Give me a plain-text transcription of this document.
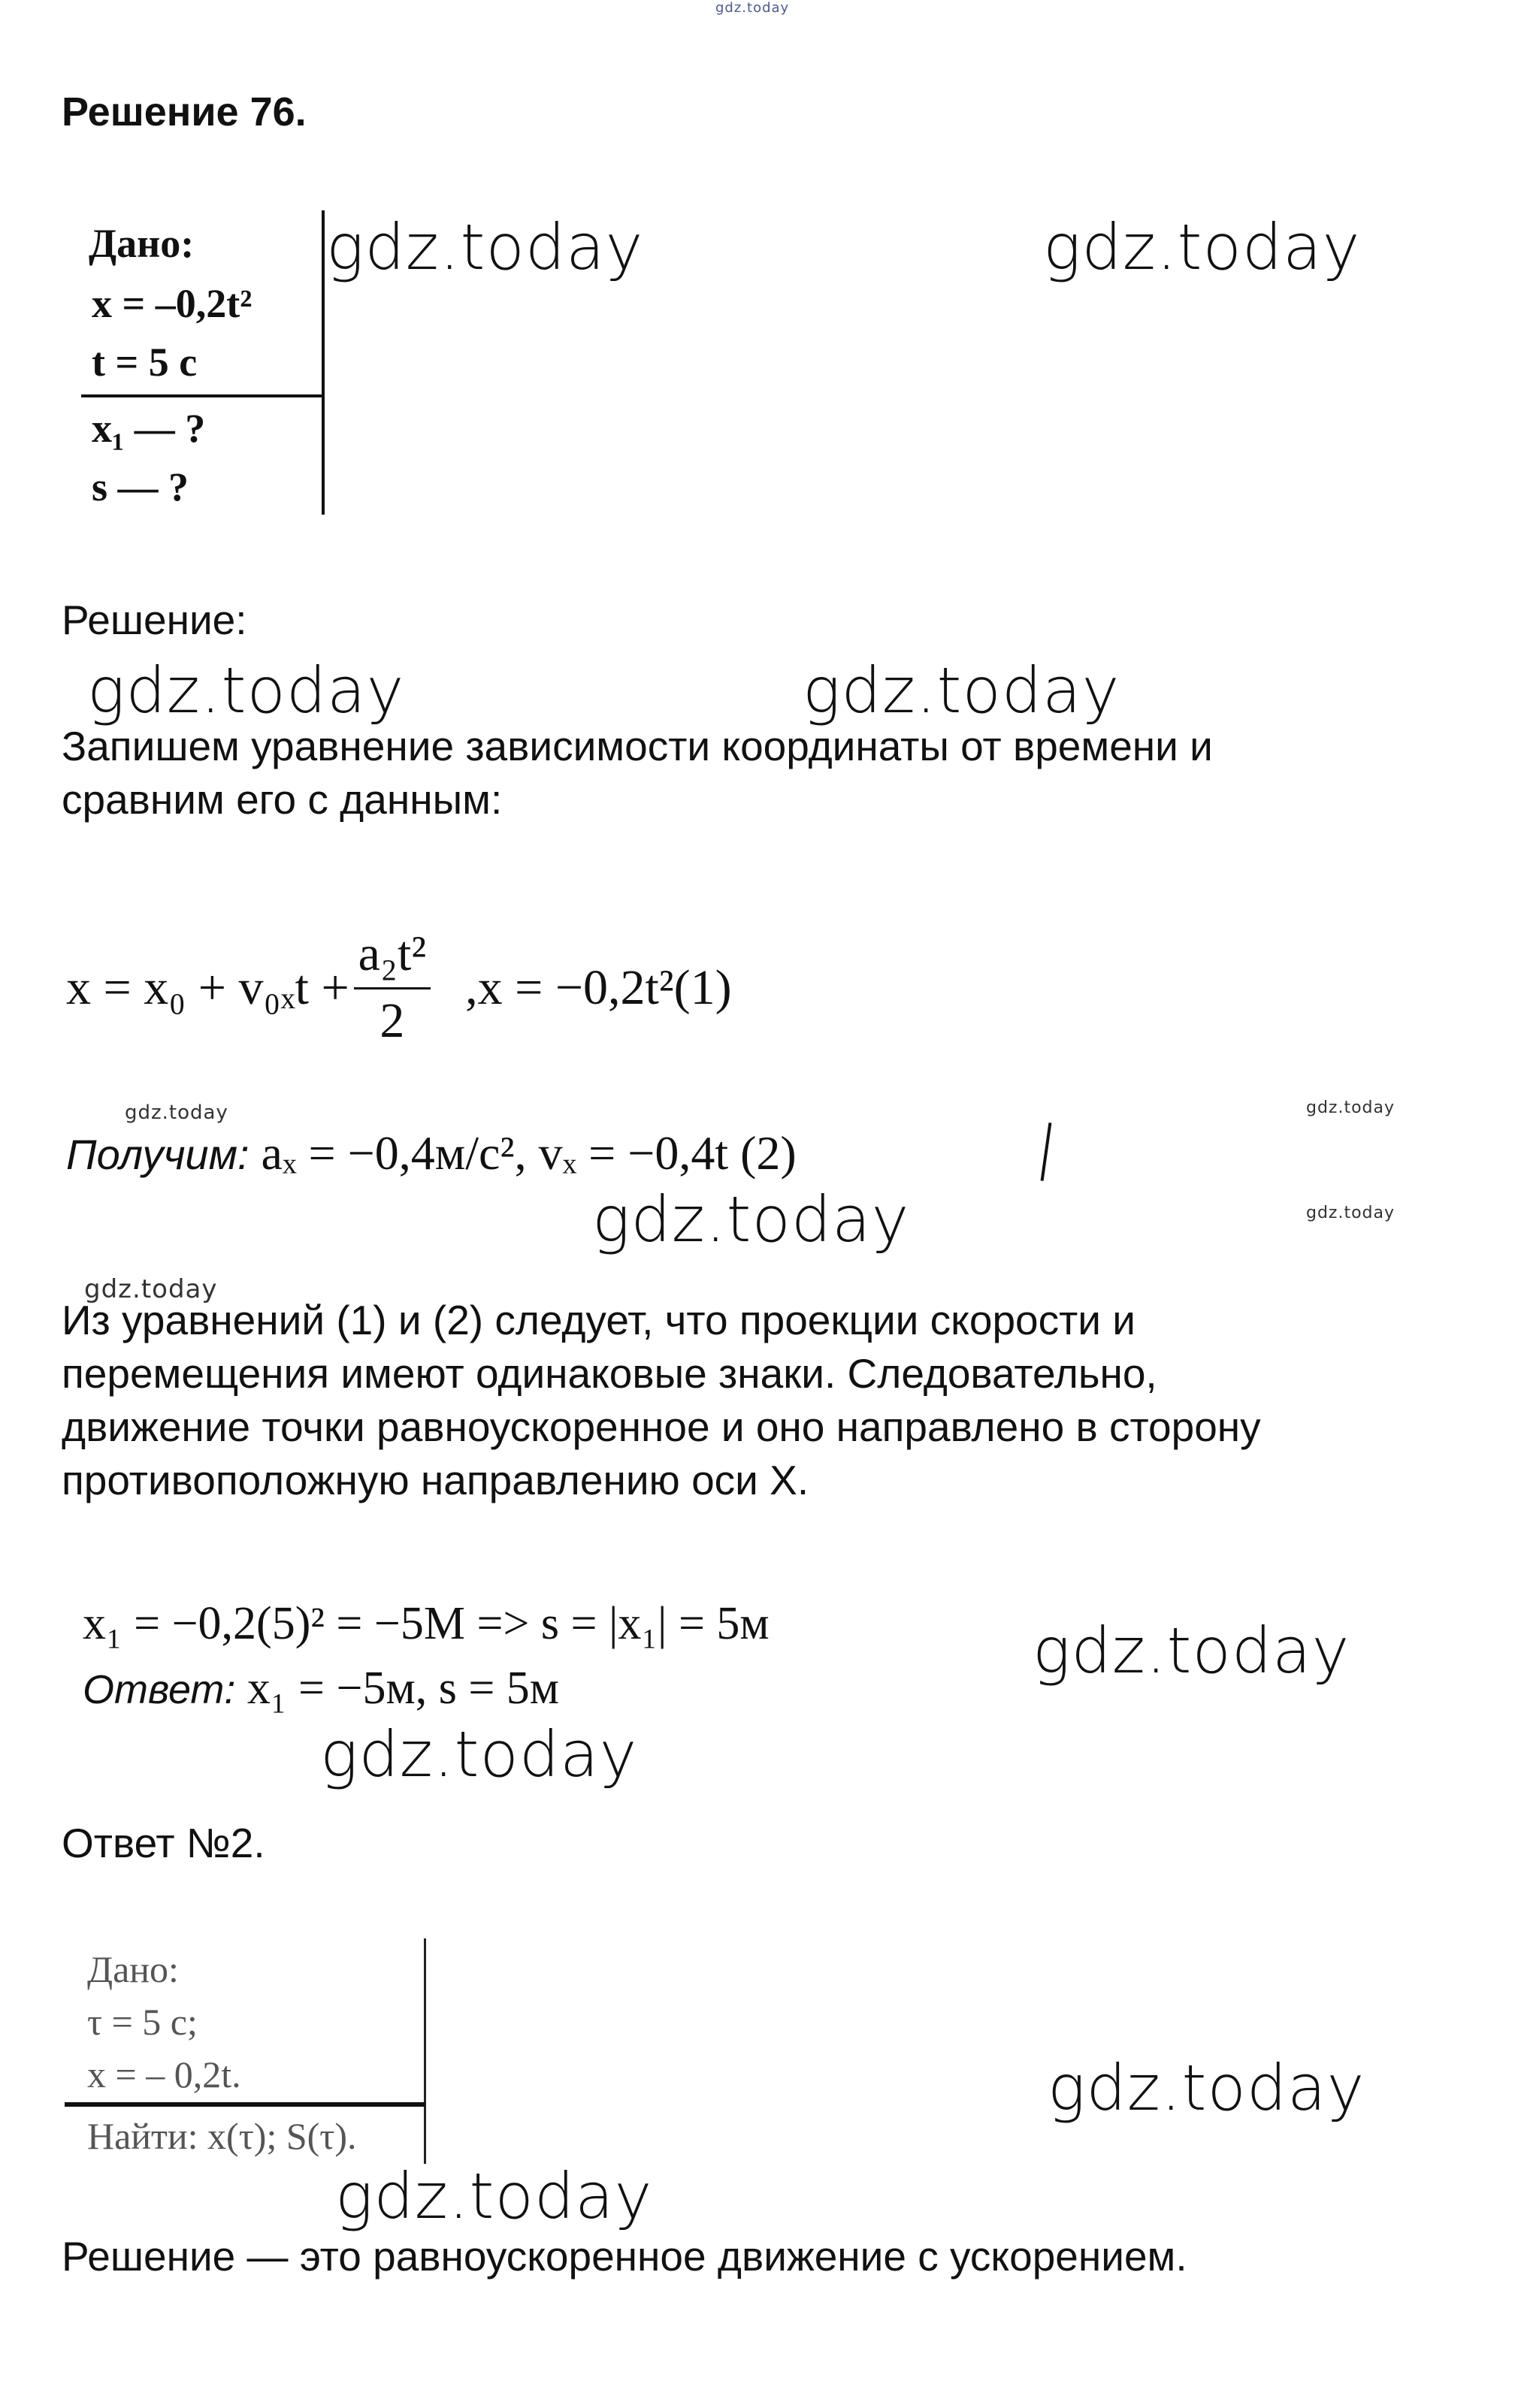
gdz.today
Решение 76.
Дано:
x = –0,2t²
t = 5 с
x₁ — ?
s — ?
gdz.today	gdz.today
Решение:
gdz.today	gdz.today
Запишем уравнение зависимости координаты от времени и
сравним его с данным:
$x = x_0 + v_{0x}t + \frac{\text{a₂t²}}{2} ,x = -0,2t^2(1)$
gdz.today	gdz.today
Получим: aₓ = −0,4м/с², vₓ = −0,4t (2)
gdz.today	gdz.today
gdz.today
Из уравнений (1) и (2) следует, что проекции скорости и
перемещения имеют одинаковые знаки. Следовательно,
движение точки равноускоренное и оно направлено в сторону
противоположную направлению оси X.
x₁ = −0,2(5)² = −5М => s = |x₁| = 5м
Ответ: x₁ = −5м, s = 5м
gdz.today
gdz.today
Ответ №2.
Дано:
τ = 5 с;
x = – 0,2t.
Найти: x(τ); S(τ).
gdz.today
gdz.today
Решение — это равноускоренное движение с ускорением.
